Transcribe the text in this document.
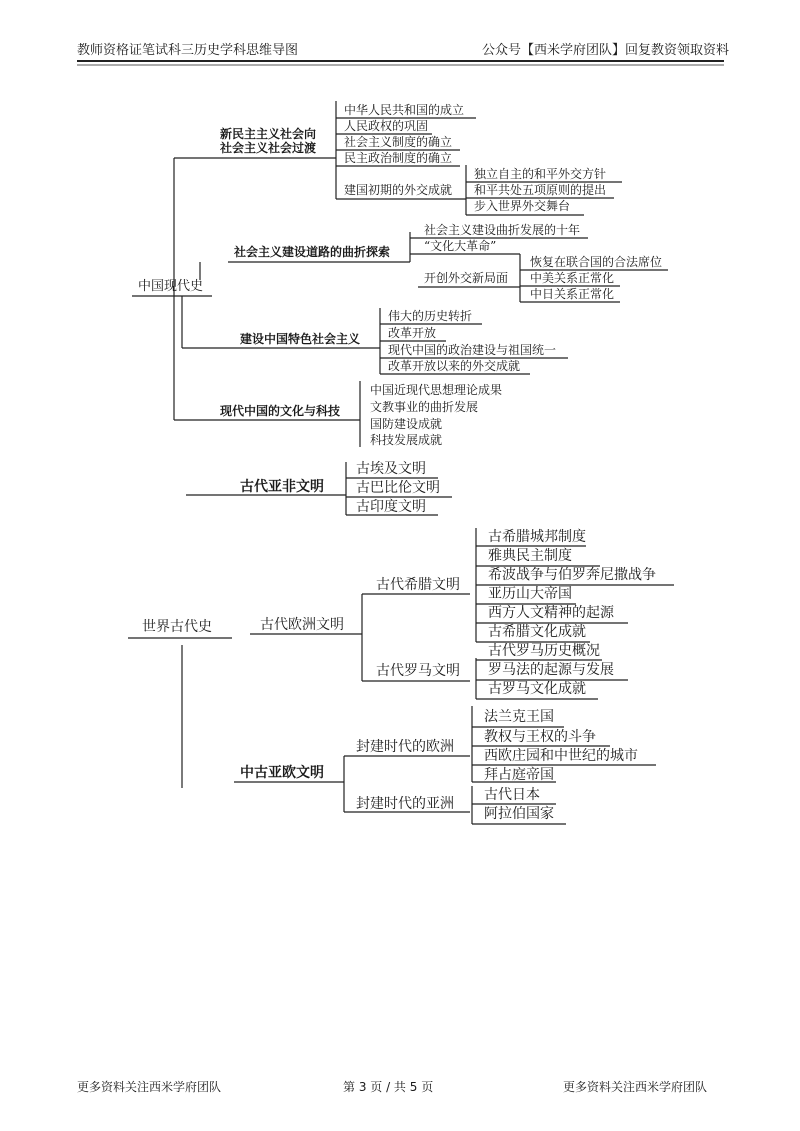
教师资格证笔试科三历史学科思维导图	公众号【西米学府团队】回复教资领取资料
更多资料关注西米学府团队	第 3 页 / 共 5 页	更多资料关注西米学府团队
中国现代史
新民主主义社会向
社会主义社会过渡
中华人民共和国的成立
人民政权的巩固
社会主义制度的确立
民主政治制度的确立
建国初期的外交成就
独立自主的和平外交方针
和平共处五项原则的提出
步入世界外交舞台
社会主义建设道路的曲折探索
社会主义建设曲折发展的十年
“文化大革命”
开创外交新局面
恢复在联合国的合法席位
中美关系正常化
中日关系正常化
建设中国特色社会主义
伟大的历史转折
改革开放
现代中国的政治建设与祖国统一
改革开放以来的外交成就
现代中国的文化与科技
中国近现代思想理论成果
文教事业的曲折发展
国防建设成就
科技发展成就
古代亚非文明
古埃及文明
古巴比伦文明
古印度文明
世界古代史	古代欧洲文明
古代希腊文明
古希腊城邦制度
雅典民主制度
希波战争与伯罗奔尼撒战争
亚历山大帝国
西方人文精神的起源
古希腊文化成就
古代罗马文明
古代罗马历史概况
罗马法的起源与发展
古罗马文化成就
中古亚欧文明
封建时代的欧洲
法兰克王国
教权与王权的斗争
西欧庄园和中世纪的城市
拜占庭帝国
封建时代的亚洲
古代日本
阿拉伯国家
